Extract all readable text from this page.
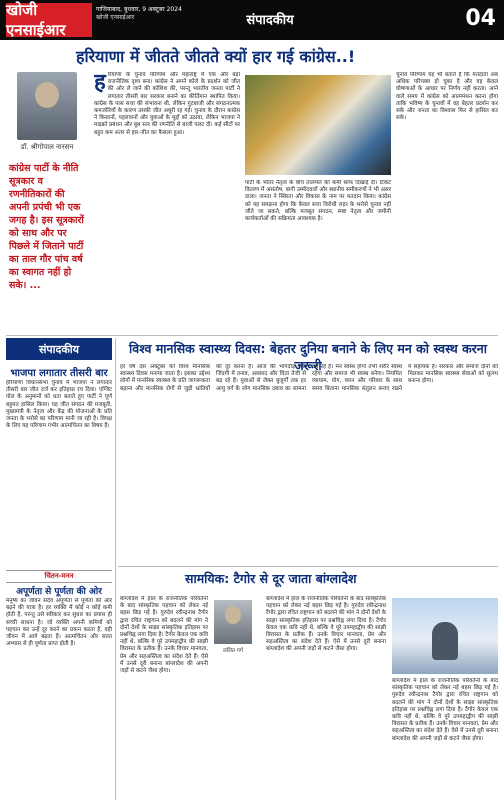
खोजी एनसाईआर
गाजियाबाद, बुधवार, 9 अक्टूबर 2024
खोजी एनसाईआर	संपादकीय	04
हरियाणा में जीतते जीतते क्यों हार गई कांग्रेस..!
डॉ. श्रीगोपाल नारसन
कांग्रेस पार्टी के नीति सूत्रकार व रणनीतिकारों की अपनी प्रपंची भी एक जगह है। इस सूत्रकारों को साथ और पर पिछले में जिताने पार्टी का ताल गौर पांच वर्ष का स्वागत नहीं हो सके। ...
हरियाणा के चुनाव परिणाम और महाराष्ट्र में एक और बड़ा राजनीतिक दृश्य बना। कांग्रेस ने अपने कोले के प्रदर्शन को जीत की ओर ले जाने की कोशिश की, परन्तु भारतीय जनता पार्टी ने लगातार तीसरी बार सरकार बनाने का कीर्तिमान स्थापित किया। कांग्रेस के पास सत्ता की संभावना थी, लेकिन गुटबाजी और संगठनात्मक कमजोरियों के कारण उसकी जीत अधूरी रह गई। चुनाव के दौरान कांग्रेस ने किसानों, पहलवानों और युवाओं के मुद्दों को उठाया, लेकिन भाजपा ने माइक्रो प्रबंधन और बूथ स्तर की रणनीति से बाजी पलट दी। कई सीटों पर बहुत कम अंतर से हार-जीत का फैसला हुआ।
पार्टी के भीतर नेतृत्व के बीच तालमेल की कमी साफ दिखाई दी। टिकट वितरण में असंतोष, बागी उम्मीदवारों और स्थानीय समीकरणों ने भी असर डाला। जनता ने स्थिरता और विकास के नाम पर मतदान किया। कांग्रेस को यह समझना होगा कि केवल सत्ता विरोधी लहर के भरोसे चुनाव नहीं जीते जा सकते, बल्कि मजबूत संगठन, स्पष्ट नेतृत्व और जमीनी कार्यकर्ताओं की सक्रियता आवश्यक है।
चुनाव परिणाम यह भी बताते हैं कि मतदाता अब अधिक परिपक्व हो चुका है और वह केवल घोषणाओं के आधार पर निर्णय नहीं करता। आने वाले समय में कांग्रेस को आत्ममंथन करना होगा ताकि भविष्य के चुनावों में वह बेहतर प्रदर्शन कर सके और जनता का विश्वास फिर से हासिल कर सके।
संपादकीय
भाजपा लगातार तीसरी बार
हरियाणा विधानसभा चुनाव में भाजपा ने लगातार तीसरी बार जीत दर्ज कर इतिहास रच दिया। एग्जिट पोल के अनुमानों को धता बताते हुए पार्टी ने पूर्ण बहुमत हासिल किया। यह जीत संगठन की मजबूती, मुख्यमंत्री के नेतृत्व और केंद्र की योजनाओं के प्रति जनता के भरोसे का परिणाम मानी जा रही है। विपक्ष के लिए यह परिणाम गंभीर आत्मचिंतन का विषय है।
विश्व मानसिक स्वास्थ्य दिवस: बेहतर दुनिया बनाने के लिए मन को स्वस्थ करना जरूरी
हर वर्ष दस अक्टूबर को विश्व मानसिक स्वास्थ्य दिवस मनाया जाता है। इसका उद्देश्य लोगों में मानसिक स्वास्थ्य के प्रति जागरूकता बढ़ाना और मानसिक रोगों से जुड़ी भ्रांतियों को दूर करना है। आज की भागदौड़ भरी जिंदगी में तनाव, अवसाद और चिंता तेजी से बढ़ रहे हैं। युवाओं से लेकर बुजुर्गों तक हर आयु वर्ग के लोग मानसिक दबाव का सामना कर रहे हैं। मन स्वस्थ होगा तभी शरीर स्वस्थ रहेगा और समाज भी स्वस्थ बनेगा। नियमित व्यायाम, योग, ध्यान और परिवार के साथ समय बिताना मानसिक संतुलन बनाए रखने में सहायक है। सरकार और समाज दोनों को मिलकर मानसिक स्वास्थ्य सेवाओं को सुलभ बनाना होगा।
चिंतन-मनन
अपूर्णता से पूर्णता की ओर
मनुष्य का जीवन सदैव अपूर्णता से पूर्णता की ओर बढ़ने की यात्रा है। हर व्यक्ति में कोई न कोई कमी होती है, परन्तु उसे स्वीकार कर सुधार का प्रयास ही सच्ची साधना है। जो व्यक्ति अपनी कमियों को पहचान कर उन्हें दूर करने का प्रयत्न करता है, वही जीवन में आगे बढ़ता है। आत्मचिंतन और सतत अभ्यास से ही पूर्णता प्राप्त होती है।
सामयिक: टैगोर से दूर जाता बांग्लादेश
ललित गर्ग
बांग्लादेश में हाल के राजनीतिक परिवर्तनों के बाद सांस्कृतिक पहचान को लेकर नई बहस छिड़ गई है। गुरुदेव रवीन्द्रनाथ टैगोर द्वारा रचित राष्ट्रगान को बदलने की मांग ने दोनों देशों के साझा सांस्कृतिक इतिहास पर प्रश्नचिह्न लगा दिया है। टैगोर केवल एक कवि नहीं थे, बल्कि वे पूरे उपमहाद्वीप की साझी विरासत के प्रतीक हैं। उनके विचार मानवता, प्रेम और सहअस्तित्व का संदेश देते हैं। ऐसे में उनसे दूरी बनाना बांग्लादेश की अपनी जड़ों से कटने जैसा होगा।
बांग्लादेश में हाल के राजनीतिक परिवर्तनों के बाद सांस्कृतिक पहचान को लेकर नई बहस छिड़ गई है। गुरुदेव रवीन्द्रनाथ टैगोर द्वारा रचित राष्ट्रगान को बदलने की मांग ने दोनों देशों के साझा सांस्कृतिक इतिहास पर प्रश्नचिह्न लगा दिया है। टैगोर केवल एक कवि नहीं थे, बल्कि वे पूरे उपमहाद्वीप की साझी विरासत के प्रतीक हैं। उनके विचार मानवता, प्रेम और सहअस्तित्व का संदेश देते हैं। ऐसे में उनसे दूरी बनाना बांग्लादेश की अपनी जड़ों से कटने जैसा होगा।
बांग्लादेश में हाल के राजनीतिक परिवर्तनों के बाद सांस्कृतिक पहचान को लेकर नई बहस छिड़ गई है। गुरुदेव रवीन्द्रनाथ टैगोर द्वारा रचित राष्ट्रगान को बदलने की मांग ने दोनों देशों के साझा सांस्कृतिक इतिहास पर प्रश्नचिह्न लगा दिया है। टैगोर केवल एक कवि नहीं थे, बल्कि वे पूरे उपमहाद्वीप की साझी विरासत के प्रतीक हैं। उनके विचार मानवता, प्रेम और सहअस्तित्व का संदेश देते हैं। ऐसे में उनसे दूरी बनाना बांग्लादेश की अपनी जड़ों से कटने जैसा होगा।
